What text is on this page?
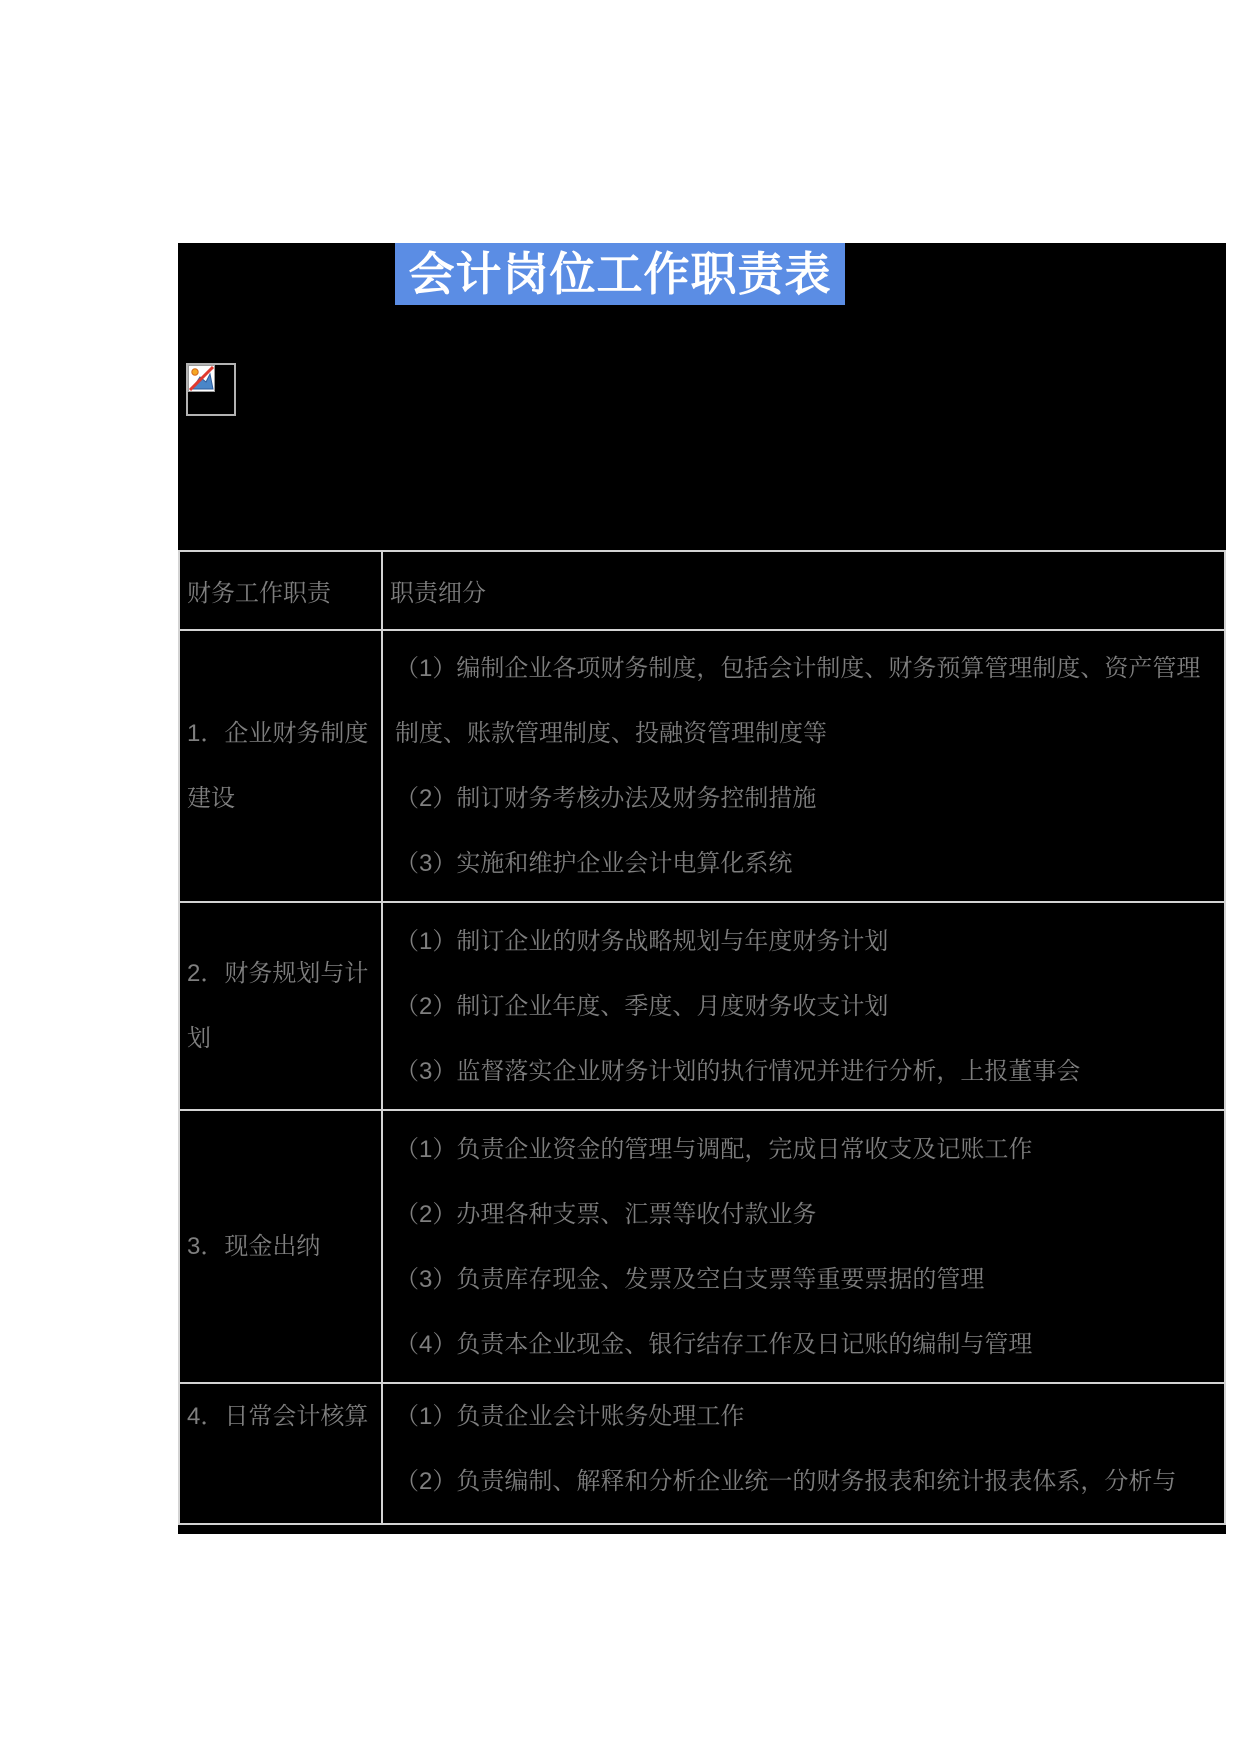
会计岗位工作职责表
财务工作职责	职责细分
1．企业财务制度建设	（1）编制企业各项财务制度，包括会计制度、财务预算管理制度、资产管理制度、账款管理制度、投融资管理制度等

（2）制订财务考核办法及财务控制措施

（3）实施和维护企业会计电算化系统

2．财务规划与计划	（1）制订企业的财务战略规划与年度财务计划

（2）制订企业年度、季度、月度财务收支计划

（3）监督落实企业财务计划的执行情况并进行分析，上报董事会

3．现金出纳	（1）负责企业资金的管理与调配，完成日常收支及记账工作

（2）办理各种支票、汇票等收付款业务

（3）负责库存现金、发票及空白支票等重要票据的管理

（4）负责本企业现金、银行结存工作及日记账的编制与管理

4．日常会计核算	（1）负责企业会计账务处理工作

（2）负责编制、解释和分析企业统一的财务报表和统计报表体系，分析与
